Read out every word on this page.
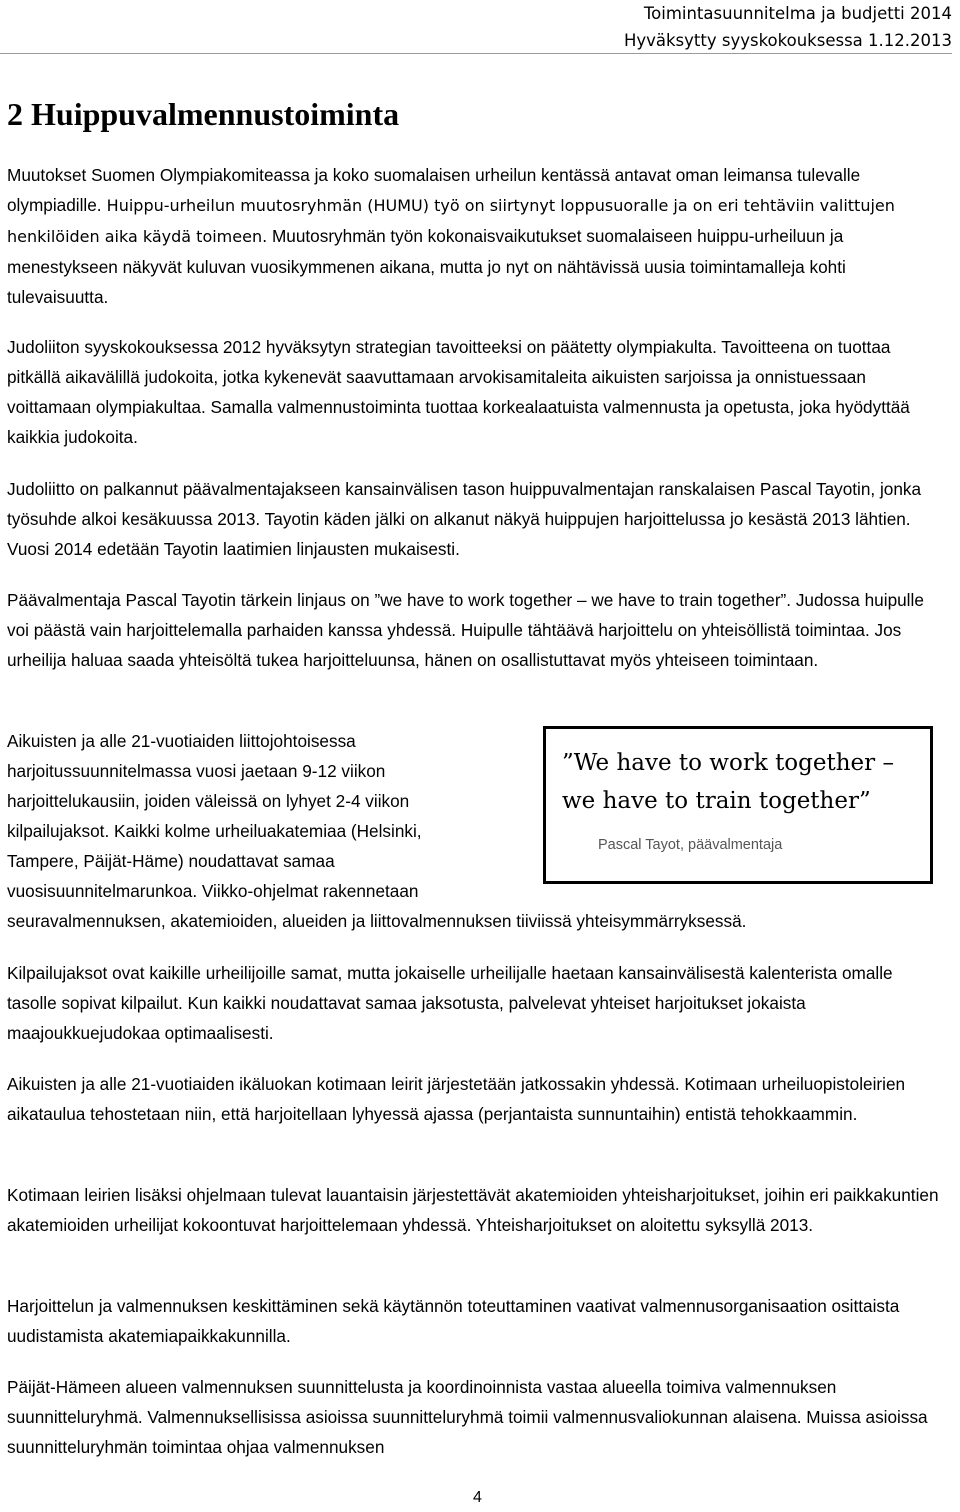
Toimintasuunnitelma ja budjetti 2014
Hyväksytty syyskokouksessa 1.12.2013
2 Huippuvalmennustoiminta

Muutokset Suomen Olympiakomiteassa ja koko suomalaisen urheilun kentässä antavat oman leimansa tulevalle olympiadille. Huippu-urheilun muutosryhmän (HUMU) työ on siirtynyt loppusuoralle ja on eri tehtäviin valittujen henkilöiden aika käydä toimeen. Muutosryhmän työn kokonaisvaikutukset suomalaiseen huippu-urheiluun ja menestykseen näkyvät kuluvan vuosikymmenen aikana, mutta jo nyt on nähtävissä uusia toimintamalleja kohti tulevaisuutta.

Judoliiton syyskokouksessa 2012 hyväksytyn strategian tavoitteeksi on päätetty olympiakulta. Tavoitteena on tuottaa pitkällä aikavälillä judokoita, jotka kykenevät saavuttamaan arvokisamitaleita aikuisten sarjoissa ja onnistuessaan voittamaan olympiakultaa. Samalla valmennustoiminta tuottaa korkealaatuista valmennusta ja opetusta, joka hyödyttää kaikkia judokoita.

Judoliitto on palkannut päävalmentajakseen kansainvälisen tason huippuvalmentajan ranskalaisen Pascal Tayotin, jonka työsuhde alkoi kesäkuussa 2013. Tayotin käden jälki on alkanut näkyä huippujen harjoittelussa jo kesästä 2013 lähtien. Vuosi 2014 edetään Tayotin laatimien linjausten mukaisesti.

Päävalmentaja Pascal Tayotin tärkein linjaus on ”we have to work together – we have to train together”. Judossa huipulle voi päästä vain harjoittelemalla parhaiden kanssa yhdessä. Huipulle tähtäävä harjoittelu on yhteisöllistä toimintaa. Jos urheilija haluaa saada yhteisöltä tukea harjoitteluunsa, hänen on osallistuttavat myös yhteiseen toimintaan.

Aikuisten ja alle 21-vuotiaiden liittojohtoisessa
harjoitussuunnitelmassa vuosi jaetaan 9-12 viikon
harjoittelukausiin, joiden väleissä on lyhyet 2-4 viikon
kilpailujaksot. Kaikki kolme urheiluakatemiaa (Helsinki,
Tampere, Päijät-Häme) noudattavat samaa
vuosisuunnitelmarunkoa. Viikko-ohjelmat rakennetaan
seuravalmennuksen, akatemioiden, alueiden ja liittovalmennuksen tiiviissä yhteisymmärryksessä.

”We have to work together –
we have to train together”

Pascal Tayot, päävalmentaja

Kilpailujaksot ovat kaikille urheilijoille samat, mutta jokaiselle urheilijalle haetaan kansainvälisestä kalenterista omalle tasolle sopivat kilpailut. Kun kaikki noudattavat samaa jaksotusta, palvelevat yhteiset harjoitukset jokaista maajoukkuejudokaa optimaalisesti.

Aikuisten ja alle 21-vuotiaiden ikäluokan kotimaan leirit järjestetään jatkossakin yhdessä. Kotimaan urheiluopistoleirien aikataulua tehostetaan niin, että harjoitellaan lyhyessä ajassa (perjantaista sunnuntaihin) entistä tehokkaammin.

Kotimaan leirien lisäksi ohjelmaan tulevat lauantaisin järjestettävät akatemioiden yhteisharjoitukset, joihin eri paikkakuntien akatemioiden urheilijat kokoontuvat harjoittelemaan yhdessä. Yhteisharjoitukset on aloitettu syksyllä 2013.

Harjoittelun ja valmennuksen keskittäminen sekä käytännön toteuttaminen vaativat valmennusorganisaation osittaista uudistamista akatemiapaikkakunnilla.

Päijät-Hämeen alueen valmennuksen suunnittelusta ja koordinoinnista vastaa alueella toimiva valmennuksen suunnitteluryhmä. Valmennuksellisissa asioissa suunnitteluryhmä toimii valmennusvaliokunnan alaisena. Muissa asioissa suunnitteluryhmän toimintaa ohjaa valmennuksen

4
